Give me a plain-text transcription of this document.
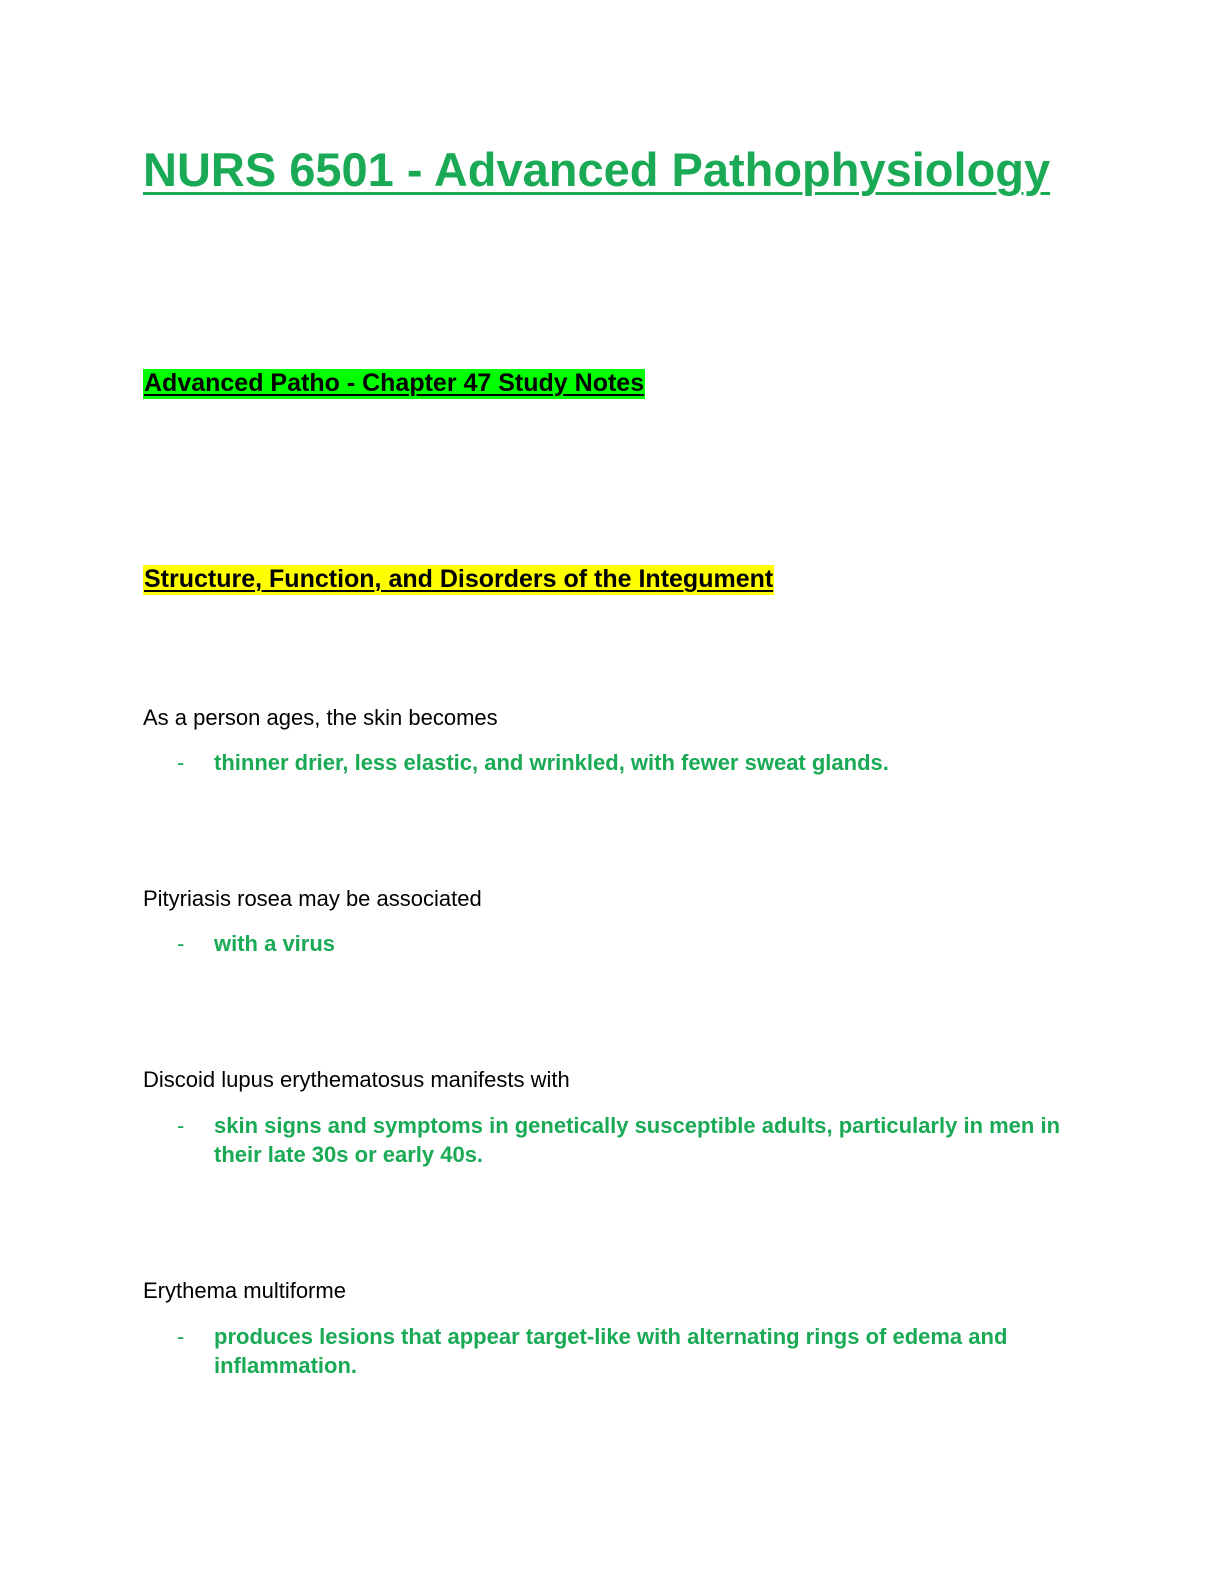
NURS 6501 - Advanced Pathophysiology
Advanced Patho - Chapter 47 Study Notes
Structure, Function, and Disorders of the Integument

As a person ages, the skin becomes

-	thinner drier, less elastic, and wrinkled, with fewer sweat glands.

Pityriasis rosea may be associated

-	with a virus

Discoid lupus erythematosus manifests with

-	skin signs and symptoms in genetically susceptible adults, particularly in men in their late 30s or early 40s.

Erythema multiforme

-	produces lesions that appear target-like with alternating rings of edema and inflammation.
